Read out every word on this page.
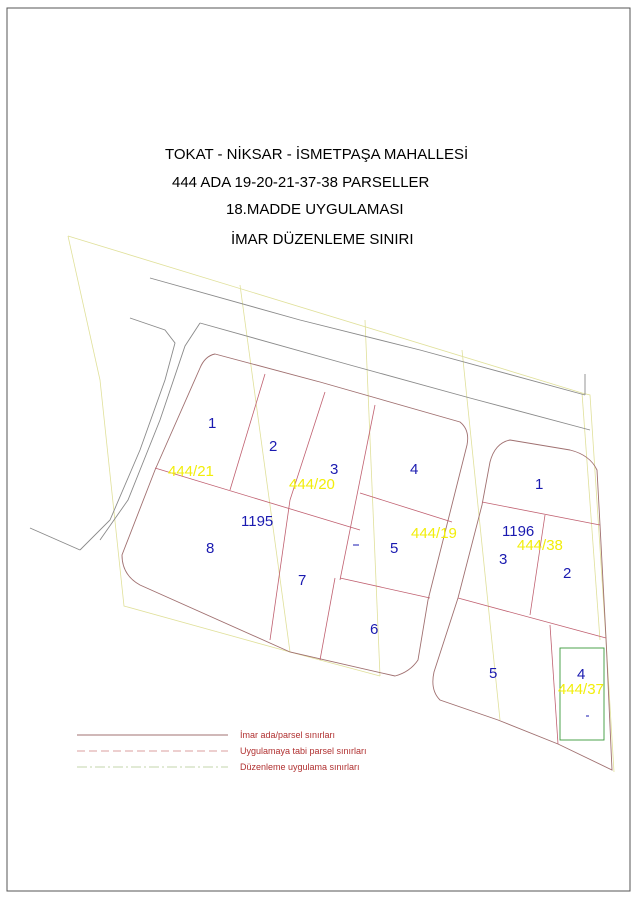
TOKAT - NİKSAR - İSMETPAŞA MAHALLESİ
444 ADA 19-20-21-37-38 PARSELLER
18.MADDE UYGULAMASI
İMAR DÜZENLEME SINIRI
1195
1196
1
2
3	4
5
6
7
8
1
2
3
4
5
444/21
444/20
444/19
444/38
444/37
İmar ada/parsel sınırları
Uygulamaya tabi parsel sınırları
Düzenleme uygulama sınırları
